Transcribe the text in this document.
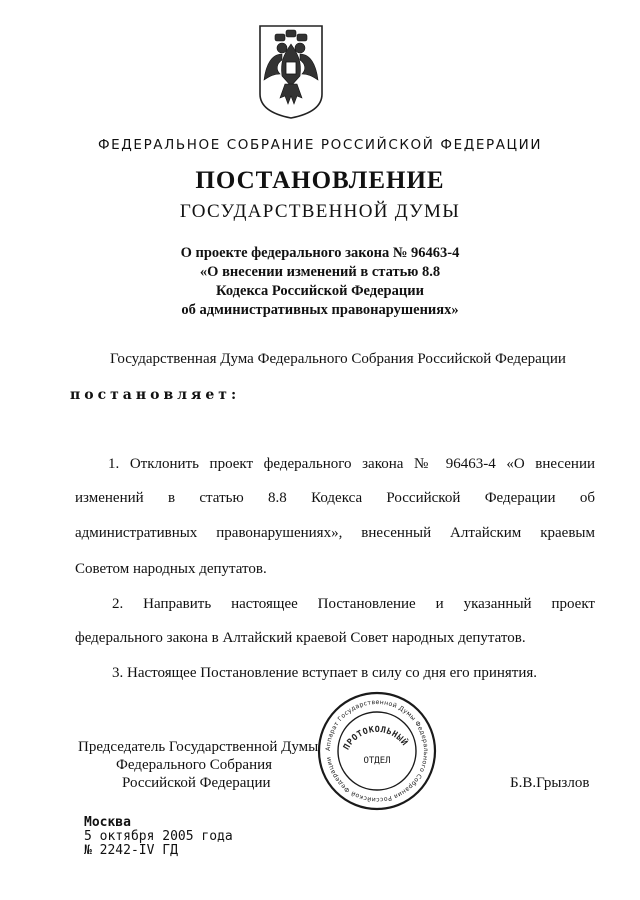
ФЕДЕРАЛЬНОЕ СОБРАНИЕ РОССИЙСКОЙ ФЕДЕРАЦИИ
ПОСТАНОВЛЕНИЕ
ГОСУДАРСТВЕННОЙ ДУМЫ
О проекте федерального закона № 96463-4
«О внесении изменений в статью 8.8
Кодекса Российской Федерации
об административных правонарушениях»
Государственная Дума Федерального Собрания Российской Федерации
постановляет:
1. Отклонить проект федерального закона № 96463-4 «О внесении
изменений в статью 8.8 Кодекса Российской Федерации об
административных правонарушениях», внесенный Алтайским краевым
Советом народных депутатов.
2. Направить настоящее Постановление и указанный проект
федерального закона в Алтайский краевой Совет народных депутатов.
3. Настоящее Постановление вступает в силу со дня его принятия.
Председатель Государственной Думы
Федерального Собрания
Российской Федерации	Б.В.Грызлов
Аппарат Государственной Думы Федерального Собрания Российской Федерации
ПРОТОКОЛЬНЫЙ
ОТДЕЛ
Москва
5 октября 2005 года
№ 2242-IV ГД
